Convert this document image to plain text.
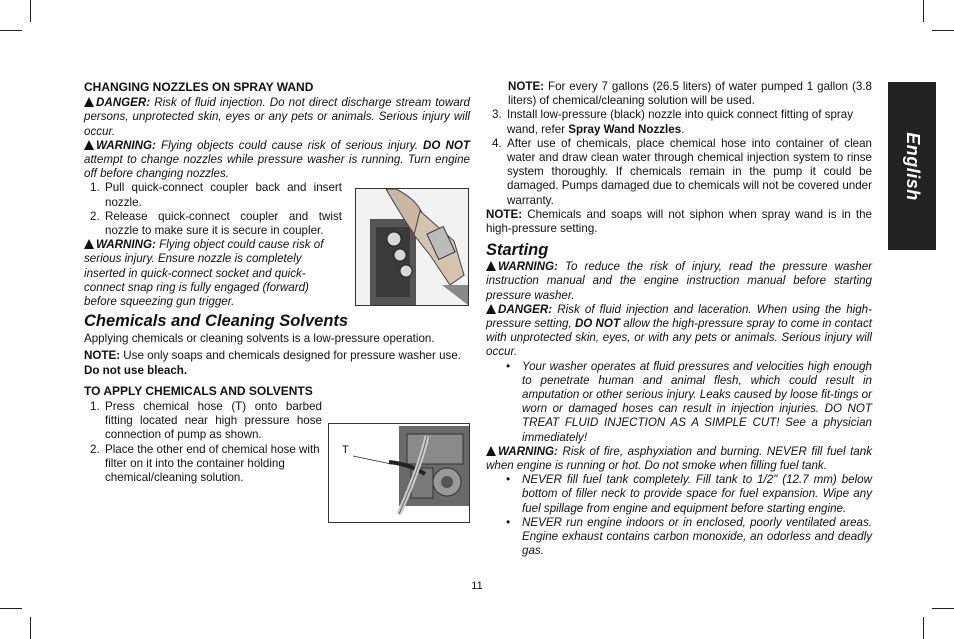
CHANGING NOZZLES ON SPRAY WAND

DANGER: Risk of fluid injection. Do not direct discharge stream toward persons, unprotected skin, eyes or any pets or animals. Serious injury will occur.

WARNING: Flying objects could cause risk of serious injury. DO NOT attempt to change nozzles while pressure washer is running. Turn engine off before changing nozzles.

1. Pull quick-connect coupler back and insert nozzle.
2. Release quick-connect coupler and twist nozzle to make sure it is secure in coupler.

WARNING: Flying object could cause risk of serious injury. Ensure nozzle is completely inserted in quick-connect socket and quick-connect snap ring is fully engaged (forward) before squeezing gun trigger.

Chemicals and Cleaning Solvents

Applying chemicals or cleaning solvents is a low-pressure operation.

NOTE: Use only soaps and chemicals designed for pressure washer use. Do not use bleach.

TO APPLY CHEMICALS AND SOLVENTS

1. Press chemical hose (T) onto barbed fitting located near high pressure hose connection of pump as shown.
2. Place the other end of chemical hose with filter on it into the container holding chemical/cleaning solution.
T

NOTE: For every 7 gallons (26.5 liters) of water pumped 1 gallon (3.8 liters) of chemical/cleaning solution will be used.

3. Install low-pressure (black) nozzle into quick connect fitting of spray wand, refer Spray Wand Nozzles.
4. After use of chemicals, place chemical hose into container of clean water and draw clean water through chemical injection system to rinse system thoroughly. If chemicals remain in the pump it could be damaged. Pumps damaged due to chemicals will not be covered under warranty.

NOTE: Chemicals and soaps will not siphon when spray wand is in the high-pressure setting.

Starting

WARNING: To reduce the risk of injury, read the pressure washer instruction manual and the engine instruction manual before starting pressure washer.

DANGER: Risk of fluid injection and laceration. When using the high-pressure setting, DO NOT allow the high-pressure spray to come in contact with unprotected skin, eyes, or with any pets or animals. Serious injury will occur.

•	Your washer operates at fluid pressures and velocities high enough to penetrate human and animal flesh, which could result in amputation or other serious injury. Leaks caused by loose fit-tings or worn or damaged hoses can result in injection injuries. DO NOT TREAT FLUID INJECTION AS A SIMPLE CUT! See a physician immediately!

WARNING: Risk of fire, asphyxiation and burning. NEVER fill fuel tank when engine is running or hot. Do not smoke when filling fuel tank.

•	NEVER fill fuel tank completely. Fill tank to 1/2" (12.7 mm) below bottom of filler neck to provide space for fuel expansion. Wipe any fuel spillage from engine and equipment before starting engine.
•	NEVER run engine indoors or in enclosed, poorly ventilated areas. Engine exhaust contains carbon monoxide, an odorless and deadly gas.
English
11
